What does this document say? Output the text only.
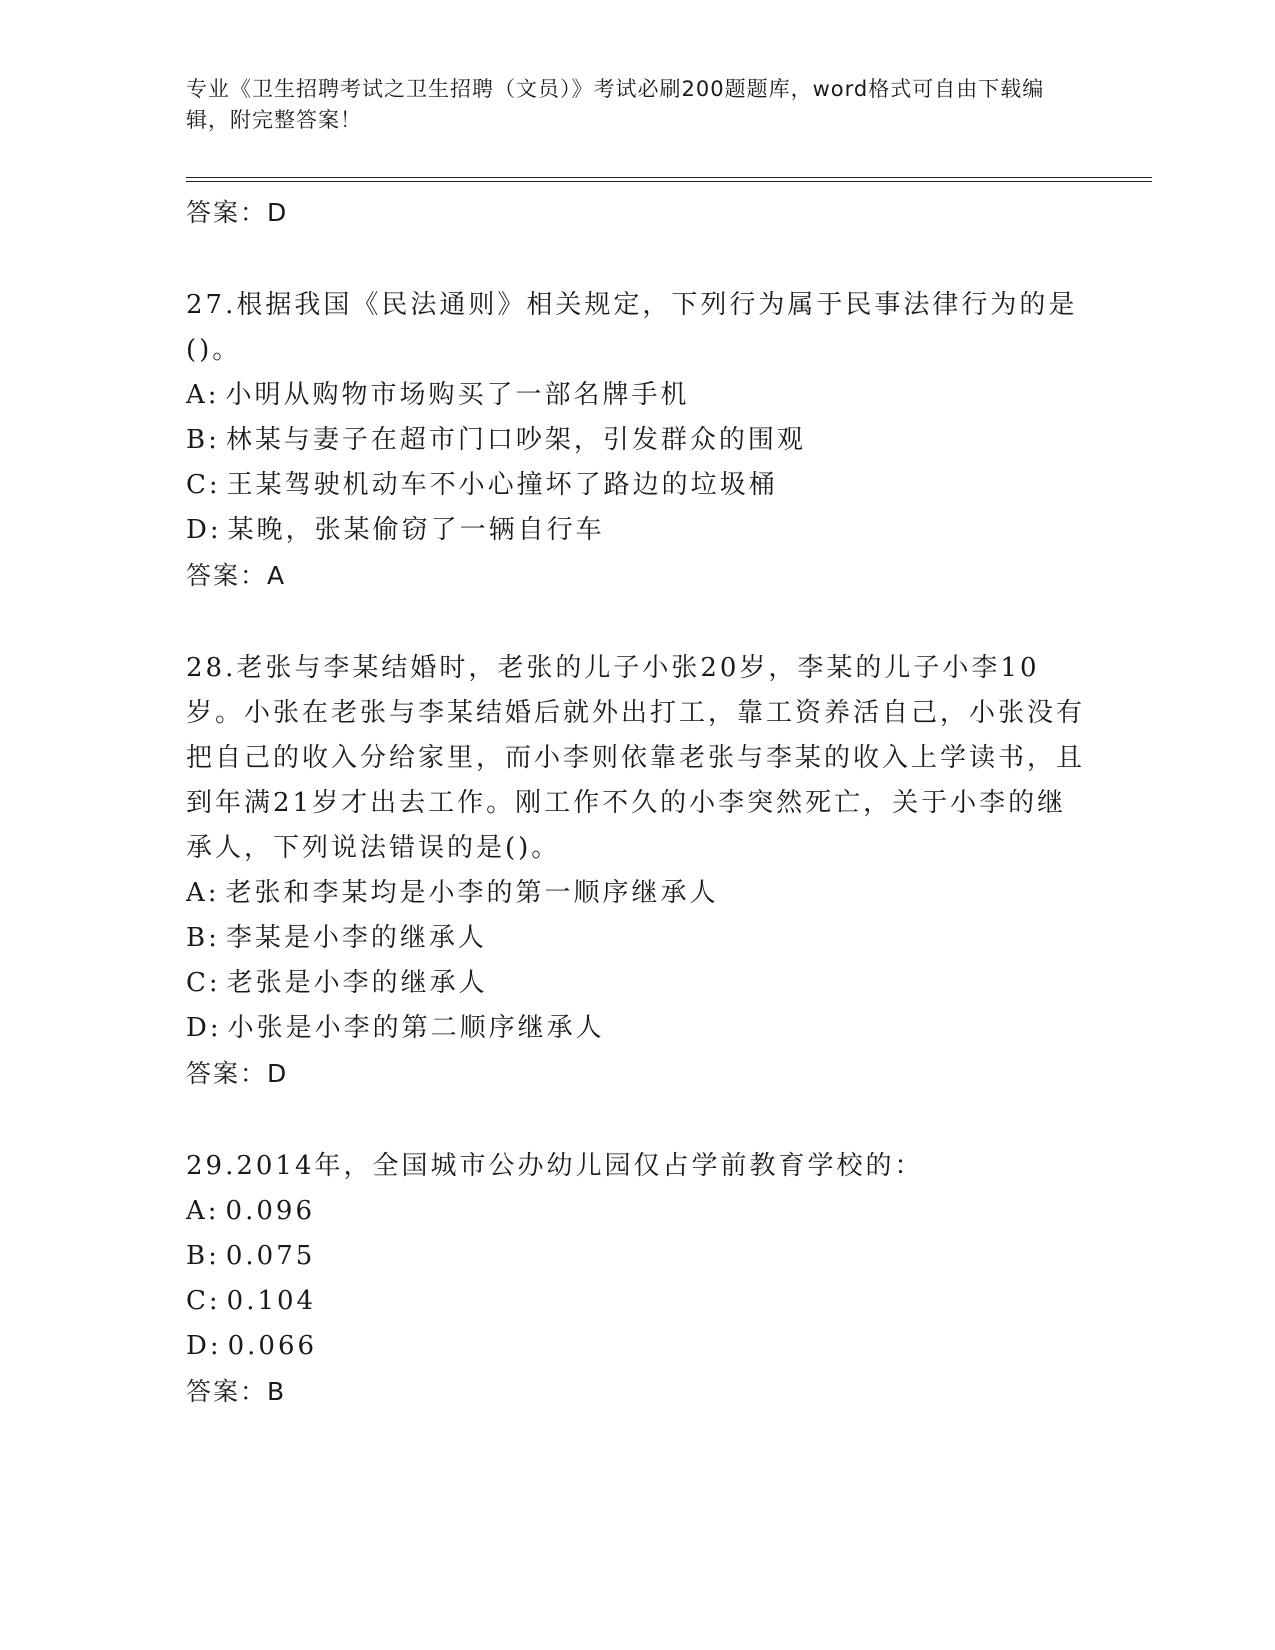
专业《卫生招聘考试之卫生招聘（文员）》考试必刷200题题库，word格式可自由下载编辑，附完整答案！
答案：D
27.根据我国《民法通则》相关规定，下列行为属于民事法律行为的是()。
A: 小明从购物市场购买了一部名牌手机
B: 林某与妻子在超市门口吵架，引发群众的围观
C: 王某驾驶机动车不小心撞坏了路边的垃圾桶
D: 某晚，张某偷窃了一辆自行车
答案：A
28.老张与李某结婚时，老张的儿子小张20岁，李某的儿子小李10岁。小张在老张与李某结婚后就外出打工，靠工资养活自己，小张没有把自己的收入分给家里，而小李则依靠老张与李某的收入上学读书，且到年满21岁才出去工作。刚工作不久的小李突然死亡，关于小李的继承人，下列说法错误的是()。
A: 老张和李某均是小李的第一顺序继承人
B: 李某是小李的继承人
C: 老张是小李的继承人
D: 小张是小李的第二顺序继承人
答案：D
29.2014年，全国城市公办幼儿园仅占学前教育学校的：
A: 0.096
B: 0.075
C: 0.104
D: 0.066
答案：B
